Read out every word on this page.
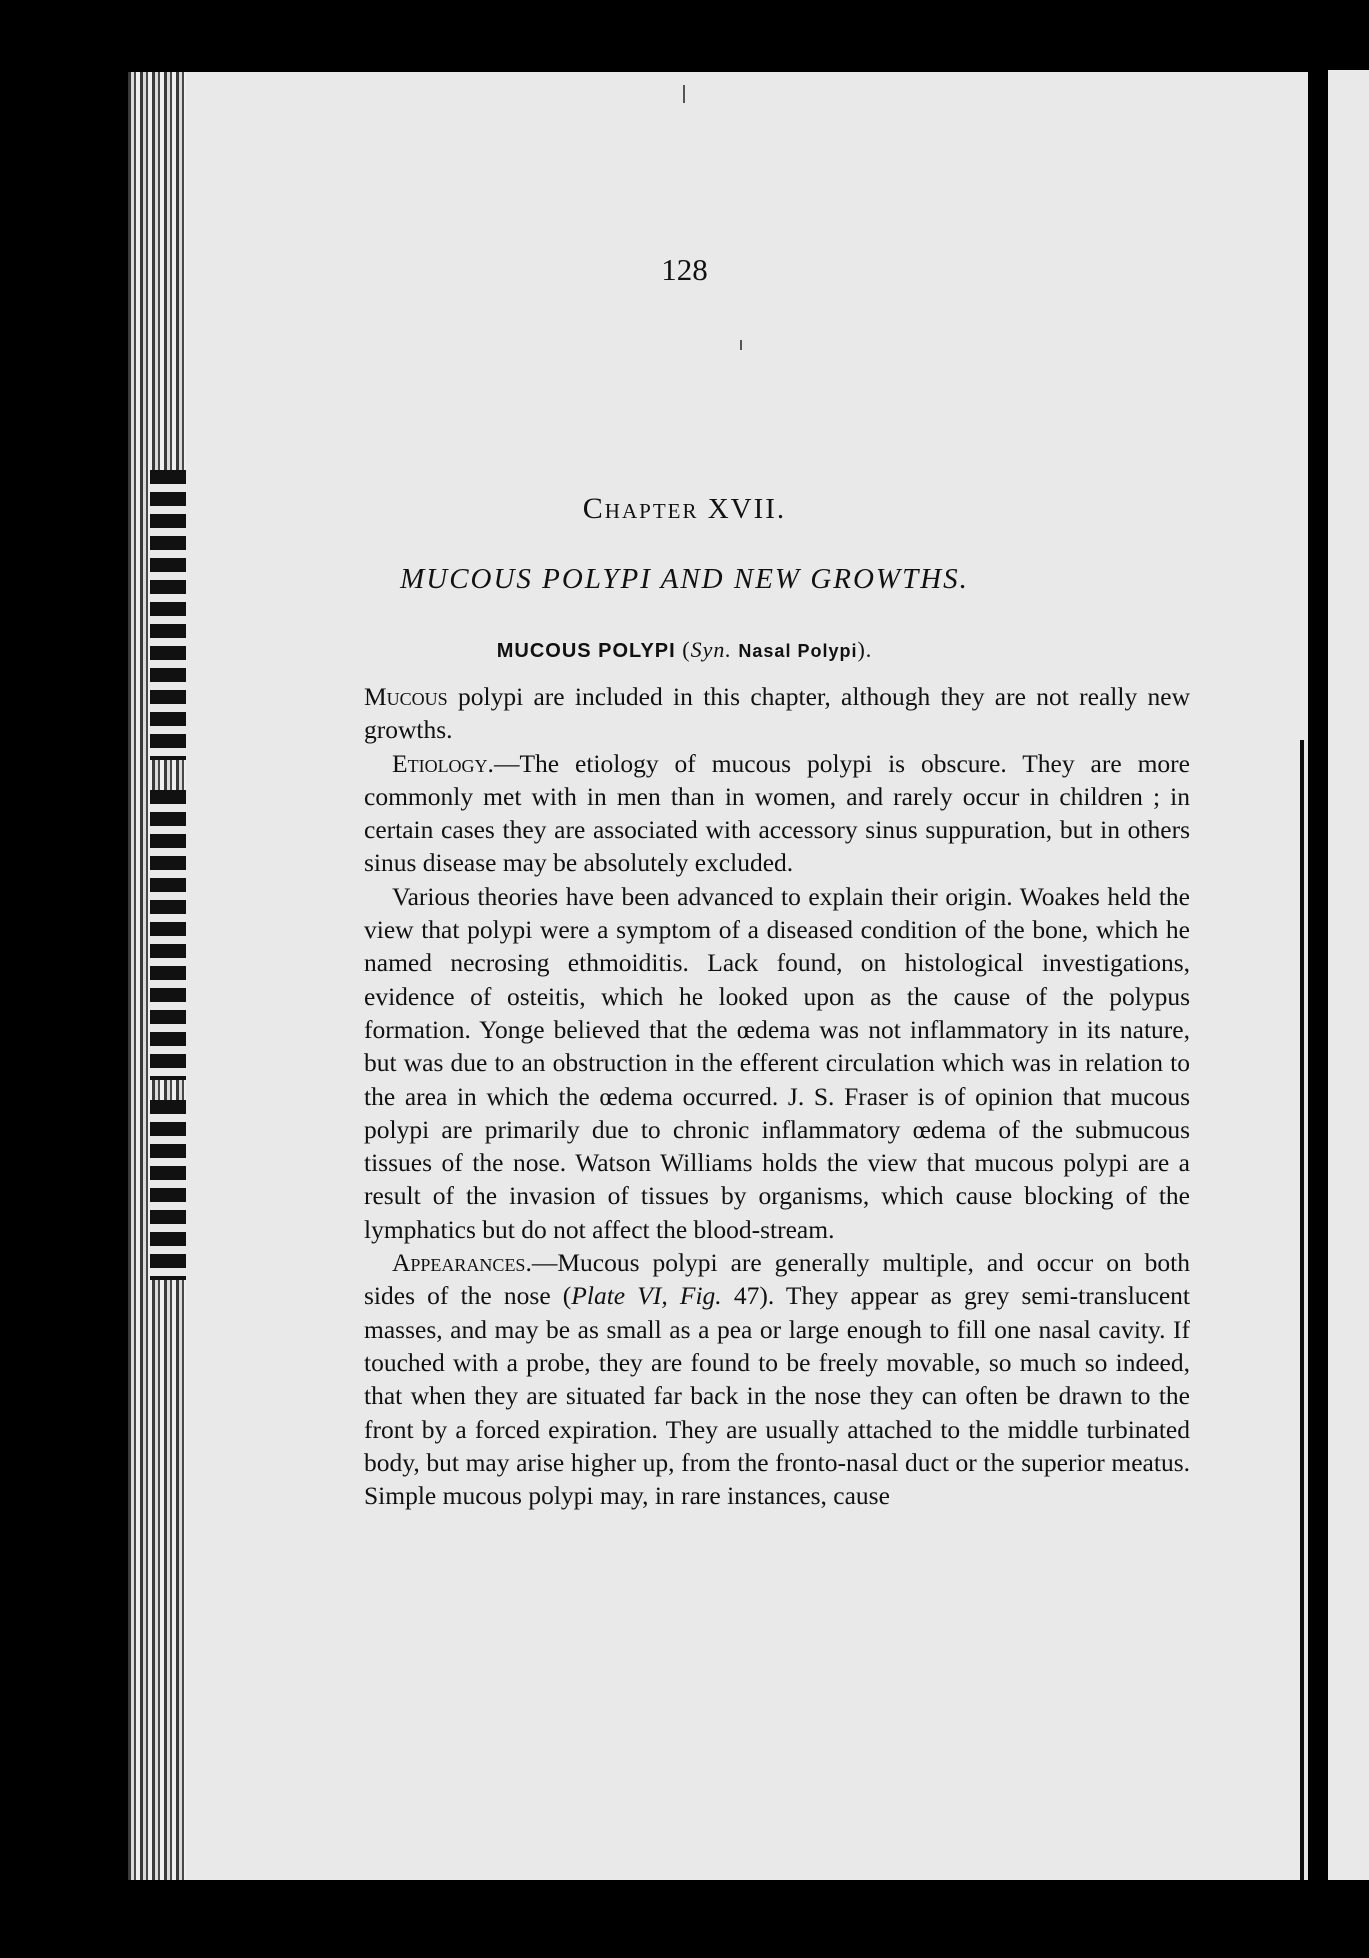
128
Chapter XVII.
MUCOUS POLYPI AND NEW GROWTHS.
MUCOUS POLYPI (Syn. Nasal Polypi).

Mucous polypi are included in this chapter, although they are not really new growths.

Etiology.—The etiology of mucous polypi is obscure. They are more commonly met with in men than in women, and rarely occur in children ; in certain cases they are associated with accessory sinus suppuration, but in others sinus disease may be absolutely excluded.

Various theories have been advanced to explain their origin. Woakes held the view that polypi were a symptom of a diseased condition of the bone, which he named necrosing ethmoiditis. Lack found, on histological investigations, evidence of osteitis, which he looked upon as the cause of the polypus formation. Yonge believed that the œdema was not inflammatory in its nature, but was due to an obstruction in the efferent circulation which was in relation to the area in which the œdema occurred. J. S. Fraser is of opinion that mucous polypi are primarily due to chronic inflammatory œdema of the submucous tissues of the nose. Watson Williams holds the view that mucous polypi are a result of the invasion of tissues by organisms, which cause blocking of the lymphatics but do not affect the blood-stream.

Appearances.—Mucous polypi are generally multiple, and occur on both sides of the nose (Plate VI, Fig. 47). They appear as grey semi-translucent masses, and may be as small as a pea or large enough to fill one nasal cavity. If touched with a probe, they are found to be freely movable, so much so indeed, that when they are situated far back in the nose they can often be drawn to the front by a forced expiration. They are usually attached to the middle turbinated body, but may arise higher up, from the fronto-nasal duct or the superior meatus. Simple mucous polypi may, in rare instances, cause
